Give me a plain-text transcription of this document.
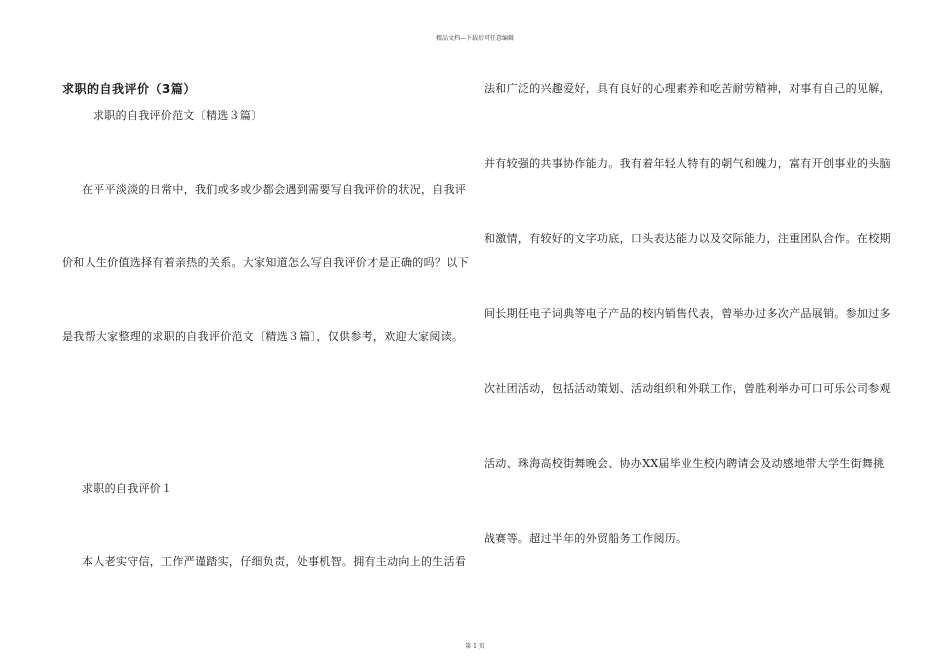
精品文档---下载后可任意编辑
求职的自我评价（3篇）
求职的自我评价范文〔精选３篇〕
在平平淡淡的日常中，我们或多或少都会遇到需要写自我评价的状况，自我评
价和人生价值选择有着亲热的关系。大家知道怎么写自我评价才是正确的吗？以下
是我帮大家整理的求职的自我评价范文〔精选３篇〕，仅供参考，欢迎大家阅读。
求职的自我评价１
本人老实守信，工作严谨踏实，仔细负责，处事机智。拥有主动向上的生活看
法和广泛的兴趣爱好，具有良好的心理素养和吃苦耐劳精神，对事有自己的见解，
并有较强的共事协作能力。我有着年轻人特有的朝气和魄力，富有开创事业的头脑
和激情，有较好的文字功底，口头表达能力以及交际能力，注重团队合作。在校期
间长期任电子词典等电子产品的校内销售代表，曾举办过多次产品展销。参加过多
次社团活动，包括活动策划、活动组织和外联工作，曾胜利举办可口可乐公司参观
活动、珠海高校街舞晚会、协办XX届毕业生校内聘请会及动感地带大学生街舞挑
战赛等。超过半年的外贸船务工作阅历。
第 1 页
